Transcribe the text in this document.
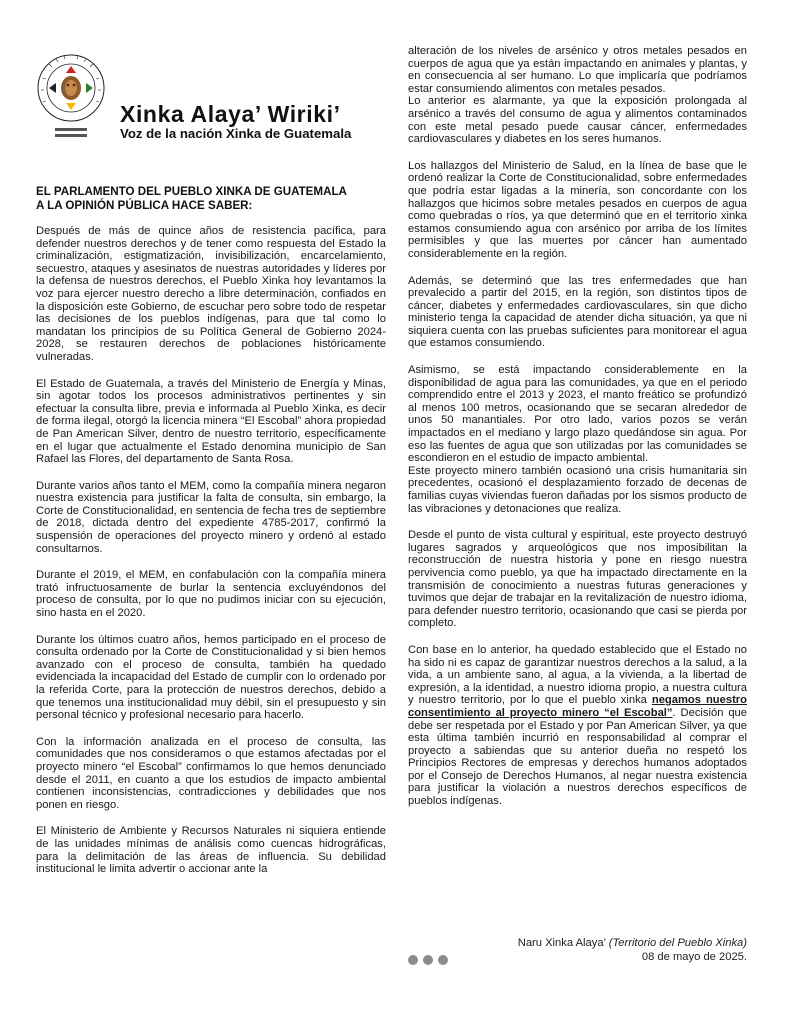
Xinka Alaya’ Wiriki’
Voz de la nación Xinka de Guatemala
EL PARLAMENTO DEL PUEBLO XINKA DE GUATEMALA
A LA OPINIÓN PÚBLICA HACE SABER:

Después de más de quince años de resistencia pacífica, para defender nuestros derechos y de tener como respuesta del Estado la criminalización, estigmatización, invisibilización, encarcelamiento, secuestro, ataques y asesinatos de nuestras autoridades y líderes por la defensa de nuestros derechos, el Pueblo Xinka hoy levantamos la voz para ejercer nuestro derecho a libre determinación, confiados en la disposición este Gobierno, de escuchar pero sobre todo de respetar las decisiones de los pueblos indígenas, para que tal como lo mandatan los principios de su Política General de Gobierno 2024-2028, se restauren derechos de poblaciones históricamente vulneradas.

El Estado de Guatemala, a través del Ministerio de Energía y Minas, sin agotar todos los procesos administrativos pertinentes y sin efectuar la consulta libre, previa e informada al Pueblo Xinka, es decir de forma ilegal, otorgó la licencia minera “El Escobal” ahora propiedad de Pan American Silver, dentro de nuestro territorio, específicamente en el lugar que actualmente el Estado denomina municipio de San Rafael las Flores, del departamento de Santa Rosa.

Durante varios años tanto el MEM, como la compañía minera negaron nuestra existencia para justificar la falta de consulta, sin embargo, la Corte de Constitucionalidad, en sentencia de fecha tres de septiembre de 2018, dictada dentro del expediente 4785-2017, confirmó la suspensión de operaciones del proyecto minero y ordenó al estado consultarnos.

Durante el 2019, el MEM, en confabulación con la compañía minera trató infructuosamente de burlar la sentencia excluyéndonos del proceso de consulta, por lo que no pudimos iniciar con su ejecución, sino hasta en el 2020.

Durante los últimos cuatro años, hemos participado en el proceso de consulta ordenado por la Corte de Constitucionalidad y si bien hemos avanzado con el proceso de consulta, también ha quedado evidenciada la incapacidad del Estado de cumplir con lo ordenado por la referida Corte, para la protección de nuestros derechos, debido a que tenemos una institucionalidad muy débil, sin el presupuesto y sin personal técnico y profesional necesario para hacerlo.

Con la información analizada en el proceso de consulta, las comunidades que nos consideramos o que estamos afectadas por el proyecto minero “el Escobal” confirmamos lo que hemos denunciado desde el 2011, en cuanto a que los estudios de impacto ambiental contienen inconsistencias, contradicciones y debilidades que nos ponen en riesgo.

El Ministerio de Ambiente y Recursos Naturales ni siquiera entiende de las unidades mínimas de análisis como cuencas hidrográficas, para la delimitación de las áreas de influencia. Su debilidad institucional le limita advertir o accionar ante la

alteración de los niveles de arsénico y otros metales pesados en cuerpos de agua que ya están impactando en animales y plantas, y en consecuencia al ser humano. Lo que implicaría que podríamos estar consumiendo alimentos con metales pesados.

Lo anterior es alarmante, ya que la exposición prolongada al arsénico a través del consumo de agua y alimentos contaminados con este metal pesado puede causar cáncer, enfermedades cardiovasculares y diabetes en los seres humanos.

Los hallazgos del Ministerio de Salud, en la línea de base que le ordenó realizar la Corte de Constitucionalidad, sobre enfermedades que podría estar ligadas a la minería, son concordante con los hallazgos que hicimos sobre metales pesados en cuerpos de agua como quebradas o ríos, ya que determinó que en el territorio xinka estamos consumiendo agua con arsénico por arriba de los límites permisibles y que las muertes por cáncer han aumentado considerablemente en la región.

Además, se determinó que las tres enfermedades que han prevalecido a partir del 2015, en la región, son distintos tipos de cáncer, diabetes y enfermedades cardiovasculares, sin que dicho ministerio tenga la capacidad de atender dicha situación, ya que ni siquiera cuenta con las pruebas suficientes para monitorear el agua que estamos consumiendo.

Asimismo, se está impactando considerablemente en la disponibilidad de agua para las comunidades, ya que en el periodo comprendido entre el 2013 y 2023, el manto freático se profundizó al menos 100 metros, ocasionando que se secaran alrededor de unos 50 manantiales. Por otro lado, varios pozos se verán impactados en el mediano y largo plazo quedándose sin agua. Por eso las fuentes de agua que son utilizadas por las comunidades se escondieron en el estudio de impacto ambiental.

Este proyecto minero también ocasionó una crisis humanitaria sin precedentes, ocasionó el desplazamiento forzado de decenas de familias cuyas viviendas fueron dañadas por los sismos producto de las vibraciones y detonaciones que realiza.

Desde el punto de vista cultural y espiritual, este proyecto destruyó lugares sagrados y arqueológicos que nos imposibilitan la reconstrucción de nuestra historia y pone en riesgo nuestra pervivencia como pueblo, ya que ha impactado directamente en la transmisión de conocimiento a nuestras futuras generaciones y tuvimos que dejar de trabajar en la revitalización de nuestro idioma, para defender nuestro territorio, ocasionando que casi se pierda por completo.

Con base en lo anterior, ha quedado establecido que el Estado no ha sido ni es capaz de garantizar nuestros derechos a la salud, a la vida, a un ambiente sano, al agua, a la vivienda, a la libertad de expresión, a la identidad, a nuestro idioma propio, a nuestra cultura y nuestro territorio, por lo que el pueblo xinka negamos nuestro consentimiento al proyecto minero “el Escobal”. Decisión que debe ser respetada por el Estado y por Pan American Silver, ya que esta última también incurrió en responsabilidad al comprar el proyecto a sabiendas que su anterior dueña no respetó los Principios Rectores de empresas y derechos humanos adoptados por el Consejo de Derechos Humanos, al negar nuestra existencia para justificar la violación a nuestros derechos específicos de pueblos indígenas.

Naru Xinka Alaya’ (Territorio del Pueblo Xinka)
08 de mayo de 2025.
